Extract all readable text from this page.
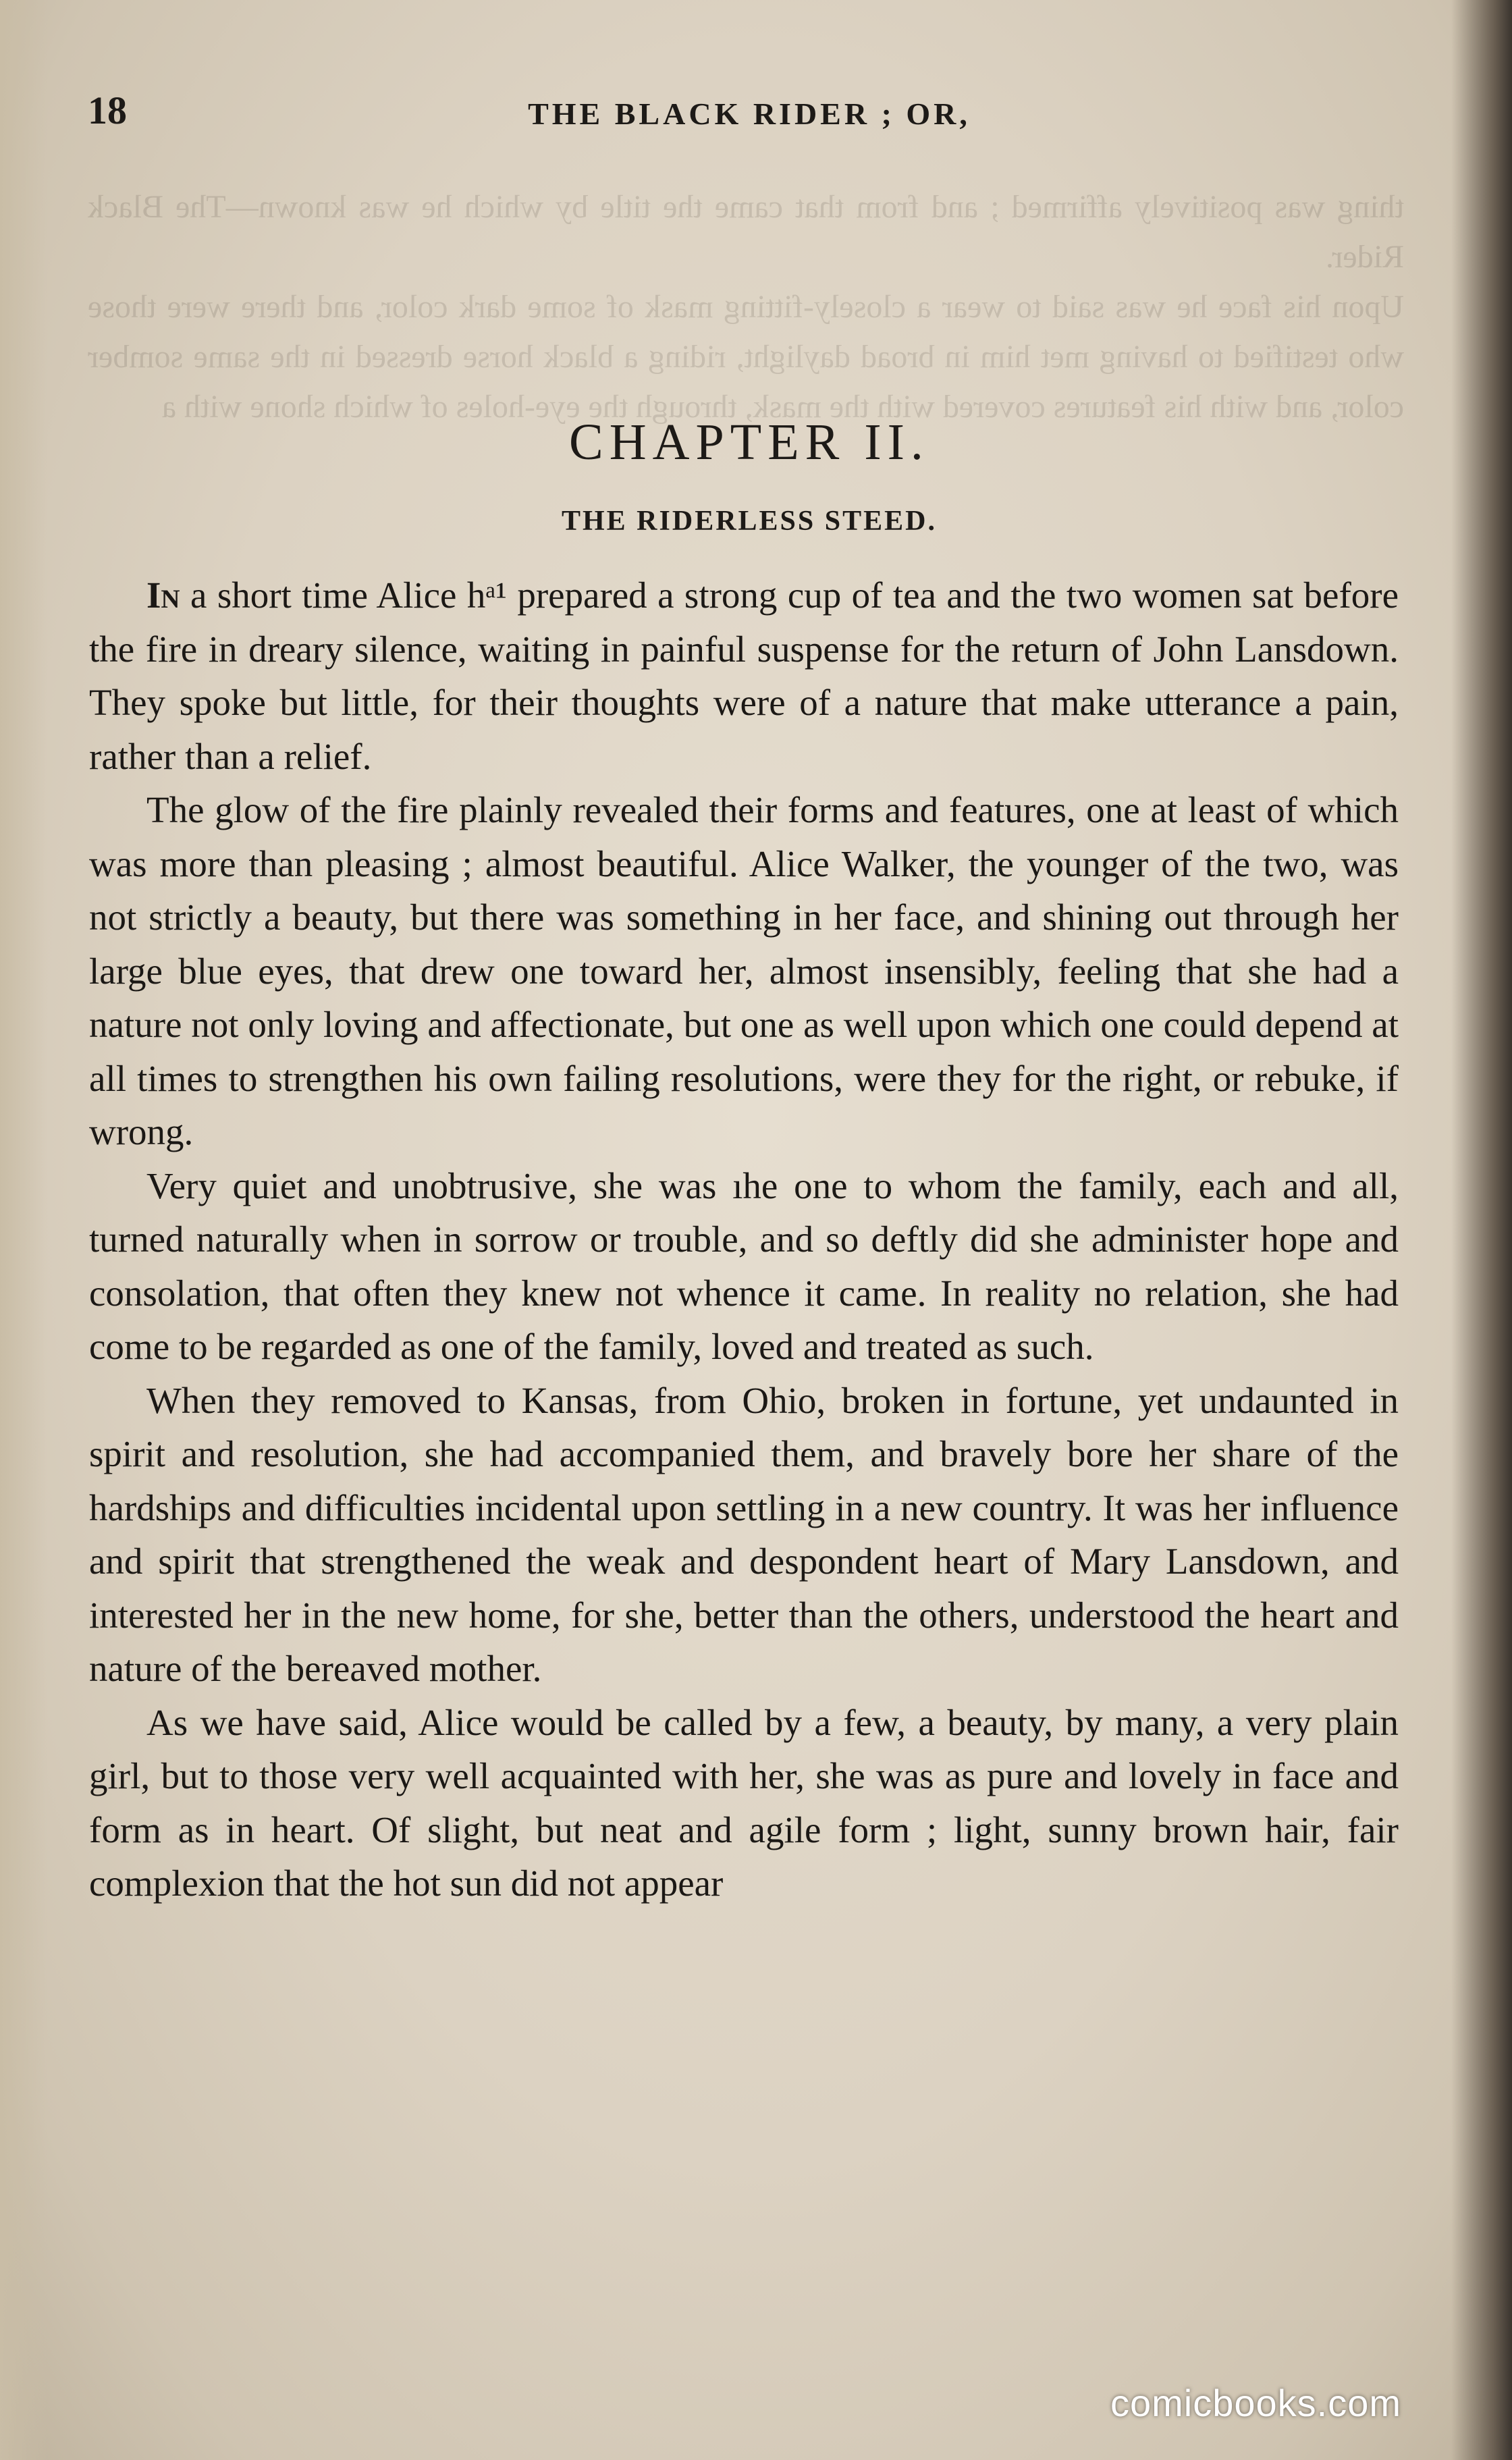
18	THE BLACK RIDER ; OR,

thing was positively affirmed ; and from that came the title by which he was known—The Black Rider.

Upon his face he was said to wear a closely-fitting mask of some dark color, and there were those who testified to having met him in broad daylight, riding a black horse dressed in the same somber color, and with his features covered with the mask, through the eye-holes of which shone with a

CHAPTER II.
THE RIDERLESS STEED.

In a short time Alice hᵃ¹ prepared a strong cup of tea and the two women sat before the fire in dreary silence, waiting in painful suspense for the return of John Lansdown. They spoke but little, for their thoughts were of a nature that make utterance a pain, rather than a relief.

The glow of the fire plainly revealed their forms and features, one at least of which was more than pleasing ; almost beautiful. Alice Walker, the younger of the two, was not strictly a beauty, but there was something in her face, and shining out through her large blue eyes, that drew one toward her, almost insensibly, feeling that she had a nature not only loving and affectionate, but one as well upon which one could depend at all times to strengthen his own failing resolutions, were they for the right, or rebuke, if wrong.

Very quiet and unobtrusive, she was ıhe one to whom the family, each and all, turned naturally when in sorrow or trouble, and so deftly did she administer hope and consolation, that often they knew not whence it came. In reality no relation, she had come to be regarded as one of the family, loved and treated as such.

When they removed to Kansas, from Ohio, broken in fortune, yet undaunted in spirit and resolution, she had accompanied them, and bravely bore her share of the hardships and difficulties incidental upon settling in a new country. It was her influence and spirit that strengthened the weak and despondent heart of Mary Lansdown, and interested her in the new home, for she, better than the others, understood the heart and nature of the bereaved mother.

As we have said, Alice would be called by a few, a beauty, by many, a very plain girl, but to those very well acquainted with her, she was as pure and lovely in face and form as in heart. Of slight, but neat and agile form ; light, sunny brown hair, fair complexion that the hot sun did not appear

comicbooks.com
